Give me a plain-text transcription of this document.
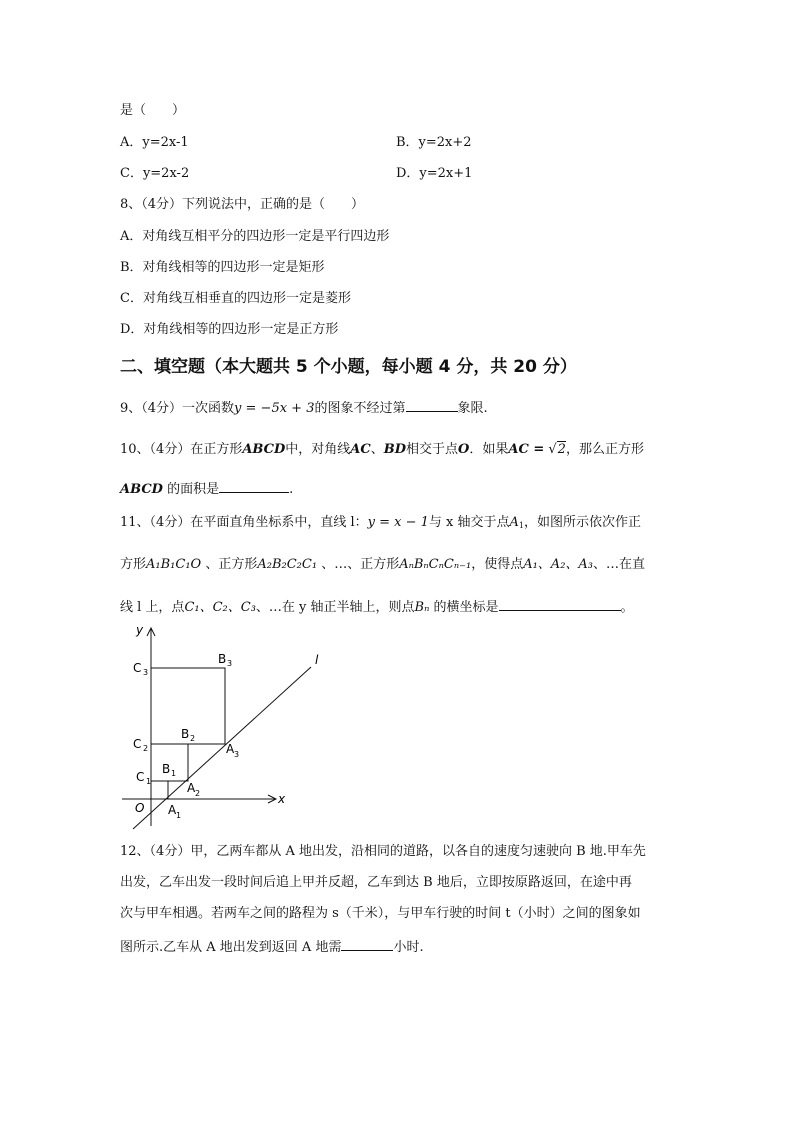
是（　　）
A．y=2x-1	B．y=2x+2
C．y=2x-2	D．y=2x+1
8、（4分）下列说法中，正确的是（　　）
A．对角线互相平分的四边形一定是平行四边形
B．对角线相等的四边形一定是矩形
C．对角线互相垂直的四边形一定是菱形
D．对角线相等的四边形一定是正方形
二、填空题（本大题共 5 个小题，每小题 4 分，共 20 分）
9、（4分）一次函数y = −5x + 3的图象不经过第	象限.
10、（4分）在正方形ABCD中，对角线AC、BD相交于点O．如果AC = √2，那么正方形
ABCD 的面积是	.
11、（4分）在平面直角坐标系中，直线 l：y = x − 1与 x 轴交于点$A_1$，如图所示依次作正
方形A₁B₁C₁O 、正方形A₂B₂C₂C₁ 、…、正方形AₙBₙCₙCₙ₋₁，使得点A₁、A₂、A₃、…在直
线 l 上，点C₁、C₂、C₃、…在 y 轴正半轴上，则点Bₙ 的横坐标是	。
y
x
l
O
C 3
C 2
C 1
B 3
B 2
B 1
A 3
A 2
A 1
12、（4分）甲，乙两车都从 A 地出发，沿相同的道路，以各自的速度匀速驶向 B 地.甲车先
出发，乙车出发一段时间后追上甲并反超，乙车到达 B 地后，立即按原路返回，在途中再
次与甲车相遇。若两车之间的路程为 s（千米），与甲车行驶的时间 t（小时）之间的图象如
图所示.乙车从 A 地出发到返回 A 地需	小时.
